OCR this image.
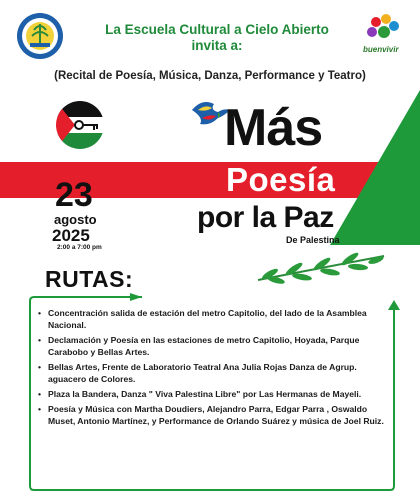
La Escuela Cultural a Cielo Abierto
invita a:	buenvivir
(Recital de Poesía, Música, Danza, Performance y Teatro)
Más
Poesía
por la Paz
De Palestina
23
agosto
2025
2:00 a 7:00 pm
RUTAS:
• Concentración salida de estación del metro Capitolio, del lado de la Asamblea Nacional.
• Declamación y Poesía en las estaciones de metro Capitolio, Hoyada, Parque Carabobo y Bellas Artes.
• Bellas Artes, Frente de Laboratorio Teatral Ana Julia Rojas Danza de Agrup. aguacero de Colores.
• Plaza la Bandera, Danza " Viva Palestina Libre" por Las Hermanas de Mayeli.
• Poesía y Música con Martha Doudiers, Alejandro Parra, Edgar Parra , Oswaldo Muset, Antonio Martínez, y Performance de Orlando Suárez y música de Joel Ruiz.
